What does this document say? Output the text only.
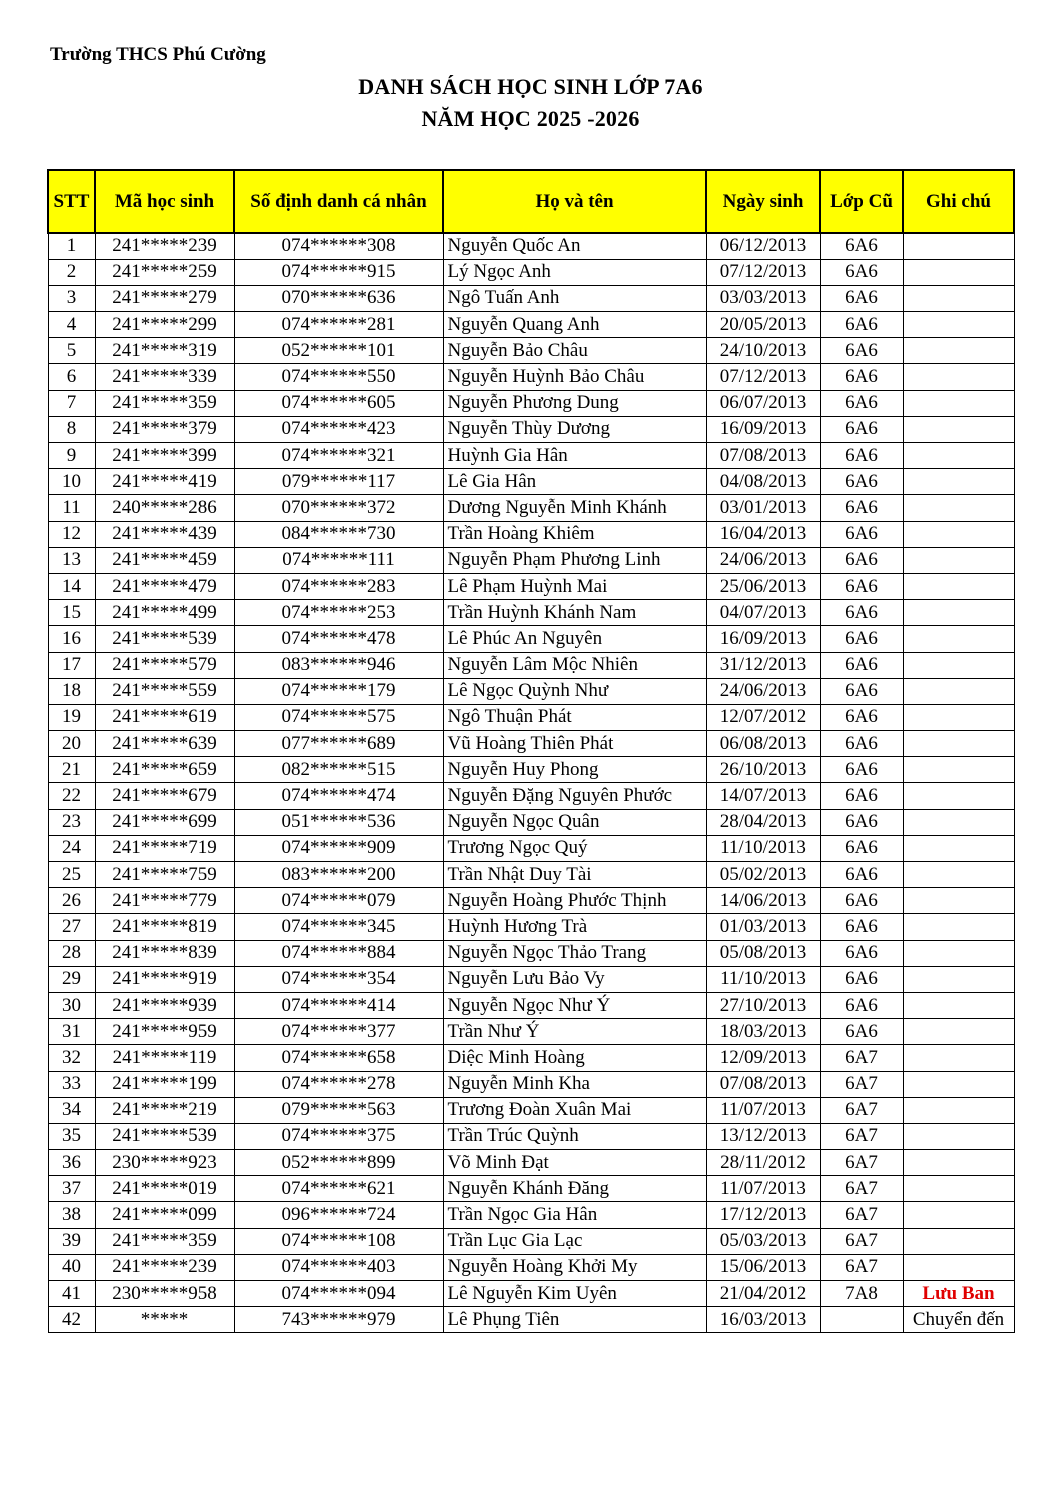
Trường THCS Phú Cường
DANH SÁCH HỌC SINH LỚP 7A6
NĂM HỌC 2025 -2026
STT	Mã học sinh	Số định danh cá nhân	Họ và tên	Ngày sinh	Lớp Cũ	Ghi chú
1	241*****239	074******308	Nguyễn Quốc An	06/12/2013	6A6	
2	241*****259	074******915	Lý Ngọc Anh	07/12/2013	6A6	
3	241*****279	070******636	Ngô Tuấn Anh	03/03/2013	6A6	
4	241*****299	074******281	Nguyễn Quang Anh	20/05/2013	6A6	
5	241*****319	052******101	Nguyễn Bảo Châu	24/10/2013	6A6	
6	241*****339	074******550	Nguyễn Huỳnh Bảo Châu	07/12/2013	6A6	
7	241*****359	074******605	Nguyễn Phương Dung	06/07/2013	6A6	
8	241*****379	074******423	Nguyễn Thùy Dương	16/09/2013	6A6	
9	241*****399	074******321	Huỳnh Gia Hân	07/08/2013	6A6	
10	241*****419	079******117	Lê Gia Hân	04/08/2013	6A6	
11	240*****286	070******372	Dương Nguyễn Minh Khánh	03/01/2013	6A6	
12	241*****439	084******730	Trần Hoàng Khiêm	16/04/2013	6A6	
13	241*****459	074******111	Nguyễn Phạm Phương Linh	24/06/2013	6A6	
14	241*****479	074******283	Lê Phạm Huỳnh Mai	25/06/2013	6A6	
15	241*****499	074******253	Trần Huỳnh Khánh Nam	04/07/2013	6A6	
16	241*****539	074******478	Lê Phúc An Nguyên	16/09/2013	6A6	
17	241*****579	083******946	Nguyễn Lâm Mộc Nhiên	31/12/2013	6A6	
18	241*****559	074******179	Lê Ngọc Quỳnh Như	24/06/2013	6A6	
19	241*****619	074******575	Ngô Thuận Phát	12/07/2012	6A6	
20	241*****639	077******689	Vũ Hoàng Thiên Phát	06/08/2013	6A6	
21	241*****659	082******515	Nguyễn Huy Phong	26/10/2013	6A6	
22	241*****679	074******474	Nguyễn Đặng Nguyên Phước	14/07/2013	6A6	
23	241*****699	051******536	Nguyễn Ngọc Quân	28/04/2013	6A6	
24	241*****719	074******909	Trương Ngọc Quý	11/10/2013	6A6	
25	241*****759	083******200	Trần Nhật Duy Tài	05/02/2013	6A6	
26	241*****779	074******079	Nguyễn Hoàng Phước Thịnh	14/06/2013	6A6	
27	241*****819	074******345	Huỳnh Hương Trà	01/03/2013	6A6	
28	241*****839	074******884	Nguyễn Ngọc Thảo Trang	05/08/2013	6A6	
29	241*****919	074******354	Nguyễn Lưu Bảo Vy	11/10/2013	6A6	
30	241*****939	074******414	Nguyễn Ngọc Như Ý	27/10/2013	6A6	
31	241*****959	074******377	Trần Như Ý	18/03/2013	6A6	
32	241*****119	074******658	Diệc Minh Hoàng	12/09/2013	6A7	
33	241*****199	074******278	Nguyễn Minh Kha	07/08/2013	6A7	
34	241*****219	079******563	Trương Đoàn Xuân Mai	11/07/2013	6A7	
35	241*****539	074******375	Trần Trúc Quỳnh	13/12/2013	6A7	
36	230*****923	052******899	Võ Minh Đạt	28/11/2012	6A7	
37	241*****019	074******621	Nguyễn Khánh Đăng	11/07/2013	6A7	
38	241*****099	096******724	Trần Ngọc Gia Hân	17/12/2013	6A7	
39	241*****359	074******108	Trần Lục Gia Lạc	05/03/2013	6A7	
40	241*****239	074******403	Nguyễn Hoàng Khởi My	15/06/2013	6A7	
41	230*****958	074******094	Lê Nguyễn Kim Uyên	21/04/2012	7A8	Lưu Ban
42	*****	743******979	Lê Phụng Tiên	16/03/2013		Chuyển đến
